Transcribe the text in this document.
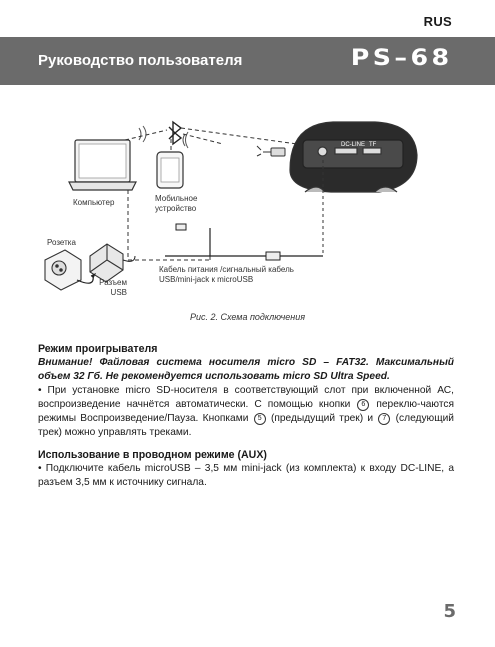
RUS
Руководство пользователя	PS–68
DC-LINE TF
Компьютер	Мобильное устройство
Розетка
Разъем USB
Кабель питания /сигнальный кабель USB/mini-jack к microUSB
Рис. 2. Схема подключения

Режим проигрывателя

Внимание! Файловая система носителя micro SD – FAT32. Максимальный объем 32 Гб. Не рекомендуется использовать micro SD Ultra Speed.

• При установке micro SD-носителя в соответствующий слот при включенной АС, воспроизведение начнётся автоматически. С помощью кнопки 6 переклю-чаются режимы Воспроизведение/Пауза. Кнопками 5 (предыдущий трек) и 7 (следующий трек) можно управлять треками.

Использование в проводном режиме (AUX)

• Подключите кабель microUSB – 3,5 мм mini-jack (из комплекта) к входу DC-LINE, а разъем 3,5 мм к источнику сигнала.

5
